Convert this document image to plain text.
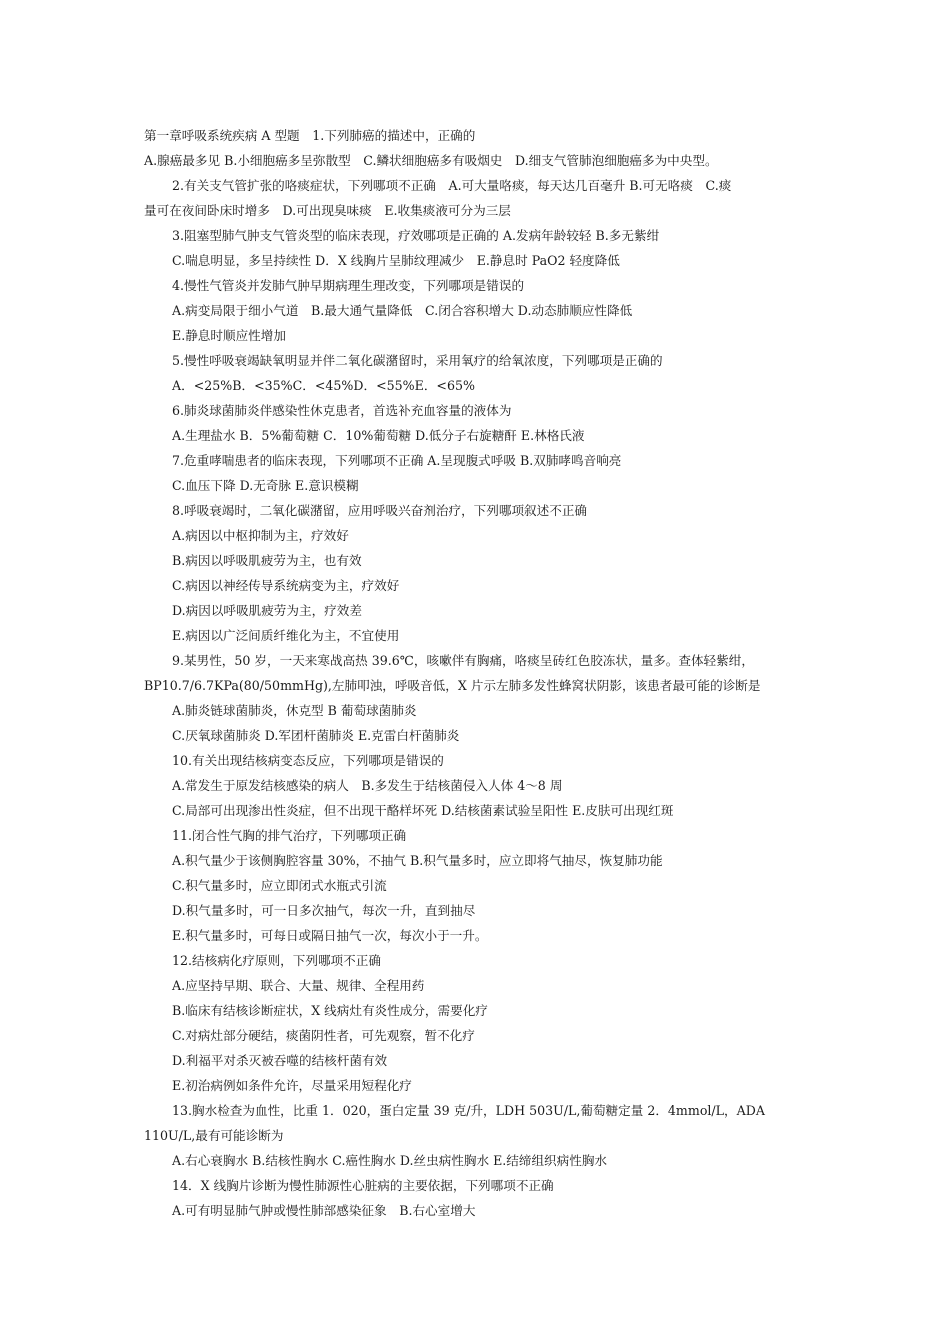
第一章呼吸系统疾病 A 型题　1.下列肺癌的描述中，正确的

A.腺癌最多见 B.小细胞癌多呈弥散型　C.鳞状细胞癌多有吸烟史　D.细支气管肺泡细胞癌多为中央型。

2.有关支气管扩张的咯痰症状，下列哪项不正确　A.可大量咯痰，每天达几百毫升 B.可无咯痰　C.痰

量可在夜间卧床时增多　D.可出现臭味痰　E.收集痰液可分为三层

3.阻塞型肺气肿支气管炎型的临床表现，疗效哪项是正确的 A.发病年龄较轻 B.多无紫绀

C.喘息明显，多呈持续性 D．X 线胸片呈肺纹理减少　E.静息时 PaO2 轻度降低

4.慢性气管炎并发肺气肿早期病理生理改变，下列哪项是错误的

A.病变局限于细小气道　B.最大通气量降低　C.闭合容积增大 D.动态肺顺应性降低

E.静息时顺应性增加

5.慢性呼吸衰竭缺氧明显并伴二氧化碳潴留时，采用氧疗的给氧浓度，下列哪项是正确的

A．<25%B．<35%C．<45%D．<55%E．<65%

6.肺炎球菌肺炎伴感染性休克患者，首选补充血容量的液体为

A.生理盐水 B．5%葡萄糖 C．10%葡萄糖 D.低分子右旋糖酐 E.林格氏液

7.危重哮喘患者的临床表现，下列哪项不正确 A.呈现腹式呼吸 B.双肺哮鸣音响亮

C.血压下降 D.无奇脉 E.意识模糊

8.呼吸衰竭时，二氧化碳潴留，应用呼吸兴奋剂治疗，下列哪项叙述不正确

A.病因以中枢抑制为主，疗效好

B.病因以呼吸肌疲劳为主，也有效

C.病因以神经传导系统病变为主，疗效好

D.病因以呼吸肌疲劳为主，疗效差

E.病因以广泛间质纤维化为主，不宜使用

9.某男性，50 岁，一天来寒战高热 39.6℃，咳嗽伴有胸痛，咯痰呈砖红色胶冻状，量多。查体轻紫绀，

BP10.7/6.7KPa(80/50mmHg),左肺叩浊，呼吸音低，X 片示左肺多发性蜂窝状阴影，该患者最可能的诊断是

A.肺炎链球菌肺炎，休克型 B 葡萄球菌肺炎

C.厌氧球菌肺炎 D.军团杆菌肺炎 E.克雷白杆菌肺炎

10.有关出现结核病变态反应，下列哪项是错误的

A.常发生于原发结核感染的病人　B.多发生于结核菌侵入人体 4～8 周

C.局部可出现渗出性炎症，但不出现干酪样坏死 D.结核菌素试验呈阳性 E.皮肤可出现红斑

11.闭合性气胸的排气治疗，下列哪项正确

A.积气量少于该侧胸腔容量 30%，不抽气 B.积气量多时，应立即将气抽尽，恢复肺功能

C.积气量多时，应立即闭式水瓶式引流

D.积气量多时，可一日多次抽气，每次一升，直到抽尽

E.积气量多时，可每日或隔日抽气一次，每次小于一升。

12.结核病化疗原则，下列哪项不正确

A.应坚持早期、联合、大量、规律、全程用药

B.临床有结核诊断症状，X 线病灶有炎性成分，需要化疗

C.对病灶部分硬结，痰菌阴性者，可先观察，暂不化疗

D.利福平对杀灭被吞噬的结核杆菌有效

E.初治病例如条件允许，尽量采用短程化疗

13.胸水检查为血性，比重 1．020，蛋白定量 39 克/升，LDH 503U/L,葡萄糖定量 2．4mmol/L，ADA

110U/L,最有可能诊断为

A.右心衰胸水 B.结核性胸水 C.癌性胸水 D.丝虫病性胸水 E.结缔组织病性胸水

14．X 线胸片诊断为慢性肺源性心脏病的主要依据，下列哪项不正确

A.可有明显肺气肿或慢性肺部感染征象　B.右心室增大
